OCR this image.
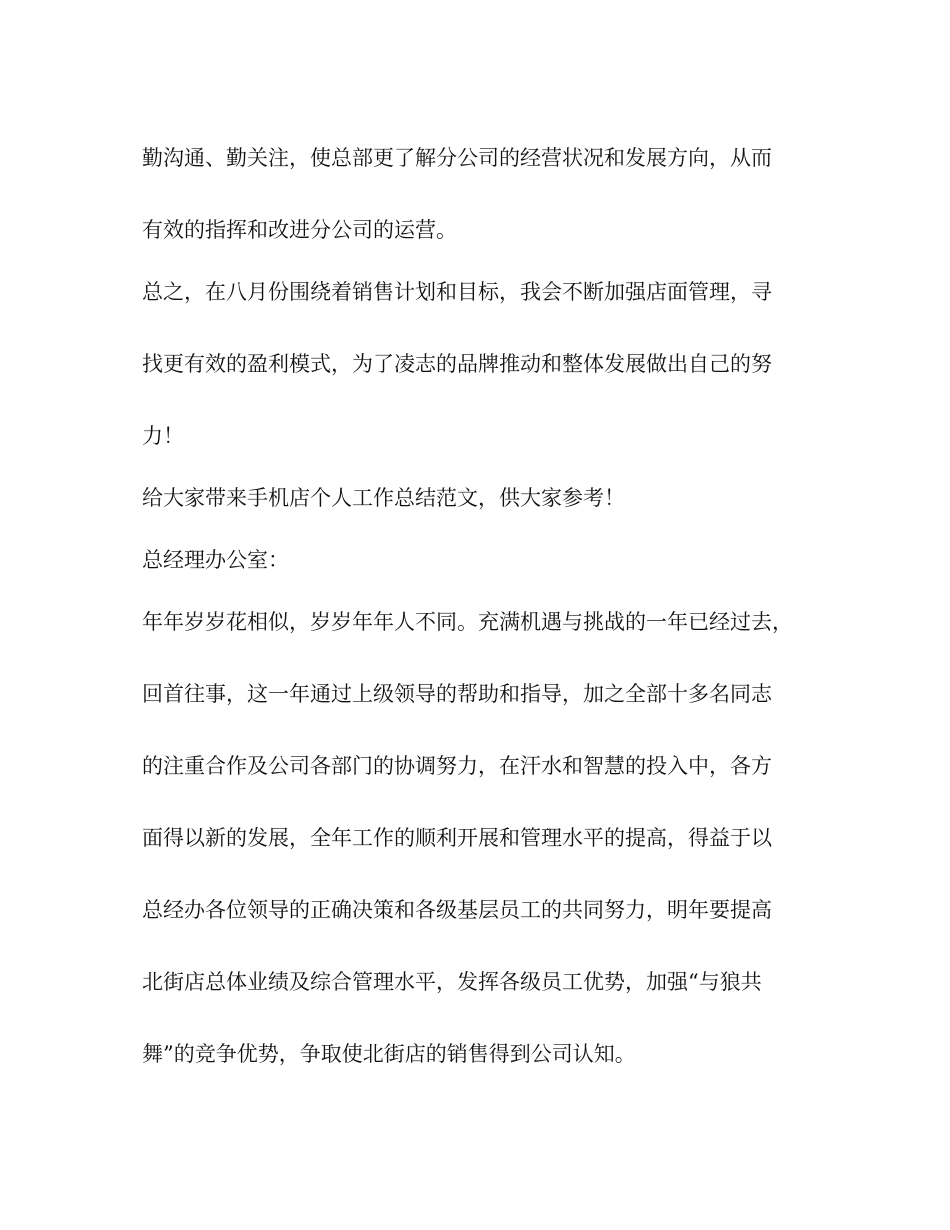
勤沟通、勤关注，使总部更了解分公司的经营状况和发展方向，从而
有效的指挥和改进分公司的运营。
总之，在八月份围绕着销售计划和目标，我会不断加强店面管理，寻
找更有效的盈利模式，为了凌志的品牌推动和整体发展做出自己的努
力！
给大家带来手机店个人工作总结范文，供大家参考！
总经理办公室：
年年岁岁花相似，岁岁年年人不同。充满机遇与挑战的一年已经过去，
回首往事，这一年通过上级领导的帮助和指导，加之全部十多名同志
的注重合作及公司各部门的协调努力，在汗水和智慧的投入中，各方
面得以新的发展，全年工作的顺利开展和管理水平的提高，得益于以
总经办各位领导的正确决策和各级基层员工的共同努力，明年要提高
北街店总体业绩及综合管理水平，发挥各级员工优势，加强“与狼共
舞”的竞争优势，争取使北街店的销售得到公司认知。
